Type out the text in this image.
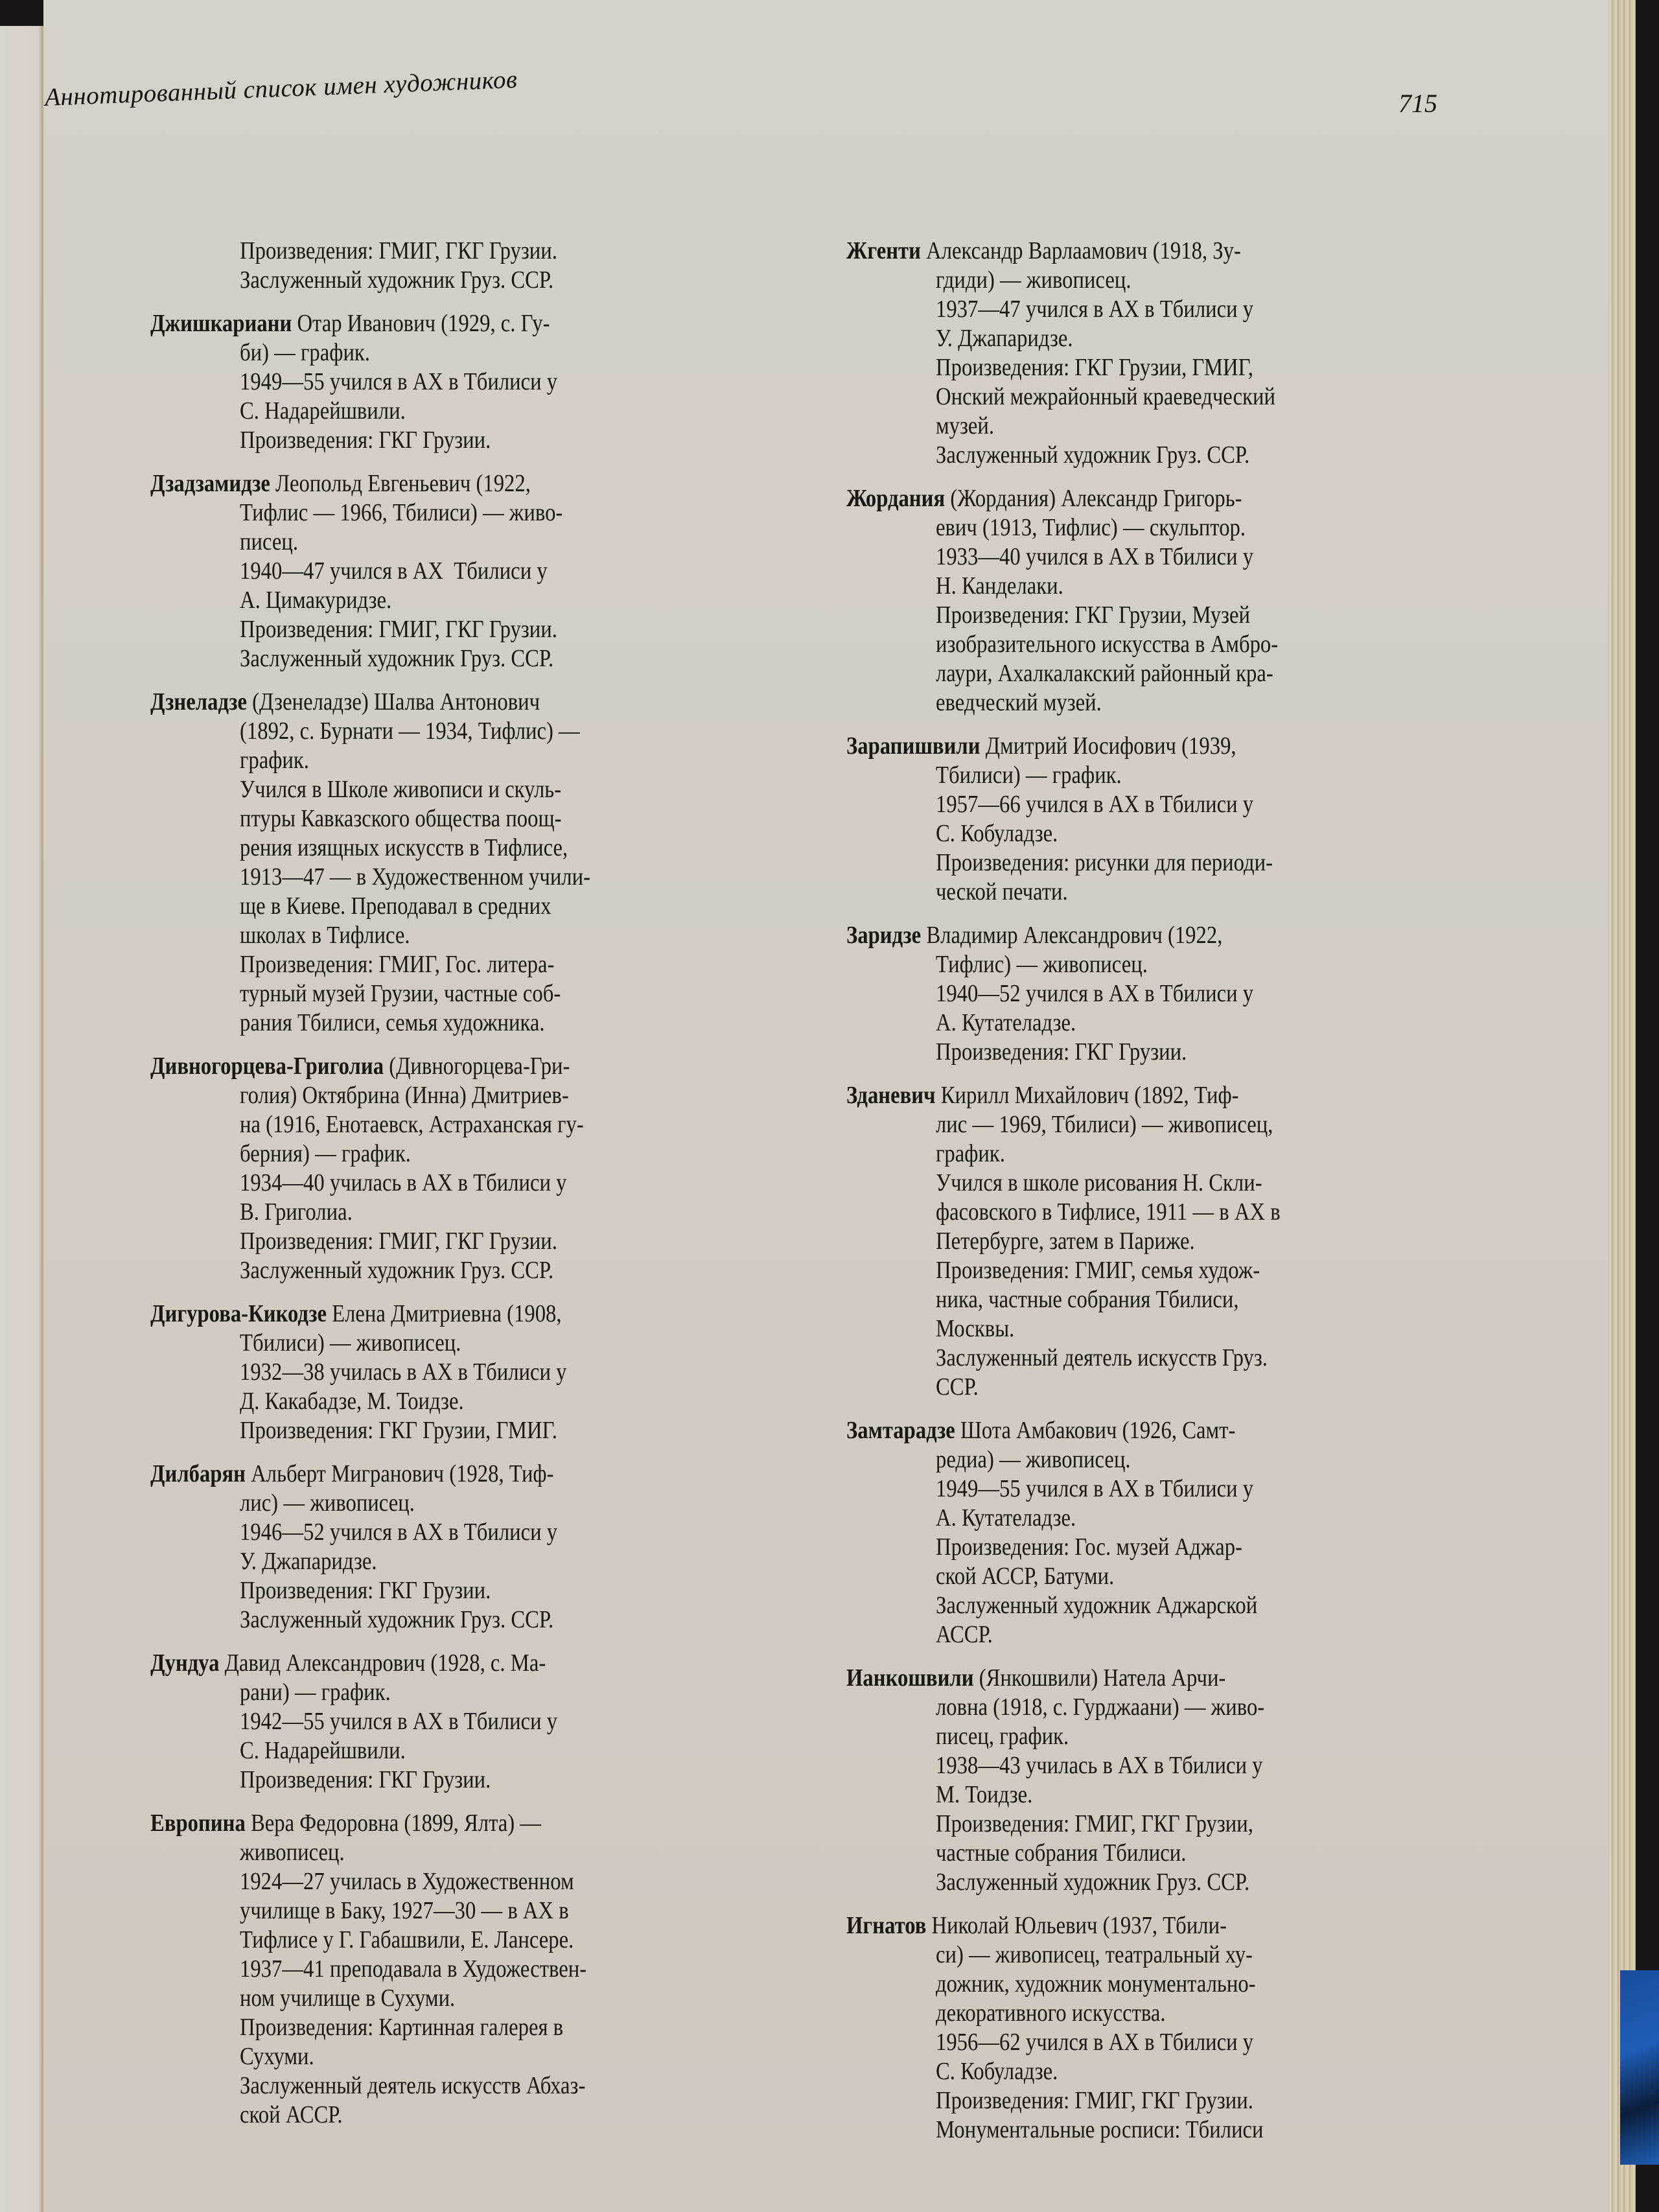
Аннотированный список имен художников	715
Произведения: ГМИГ, ГКГ Грузии.
Заслуженный художник Груз. ССР.
Джишкариани Отар Иванович (1929, с. Гу-
би) — график.
1949—55 учился в АХ в Тбилиси у
С. Надарейшвили.
Произведения: ГКГ Грузии.
Дзадзамидзе Леопольд Евгеньевич (1922,
Тифлис — 1966, Тбилиси) — живо-
писец.
1940—47 учился в АХ  Тбилиси у
А. Цимакуридзе.
Произведения: ГМИГ, ГКГ Грузии.
Заслуженный художник Груз. ССР.
Дзнеладзе (Дзенеладзе) Шалва Антонович
(1892, с. Бурнати — 1934, Тифлис) —
график.
Учился в Школе живописи и скуль-
птуры Кавказского общества поощ-
рения изящных искусств в Тифлисе,
1913—47 — в Художественном учили-
ще в Киеве. Преподавал в средних
школах в Тифлисе.
Произведения: ГМИГ, Гос. литера-
турный музей Грузии, частные соб-
рания Тбилиси, семья художника.
Дивногорцева-Григолиа (Дивногорцева-Гри-
голия) Октябрина (Инна) Дмитриев-
на (1916, Енотаевск, Астраханская гу-
берния) — график.
1934—40 училась в АХ в Тбилиси у
В. Григолиа.
Произведения: ГМИГ, ГКГ Грузии.
Заслуженный художник Груз. ССР.
Дигурова-Кикодзе Елена Дмитриевна (1908,
Тбилиси) — живописец.
1932—38 училась в АХ в Тбилиси у
Д. Какабадзе, М. Тоидзе.
Произведения: ГКГ Грузии, ГМИГ.
Дилбарян Альберт Мигранович (1928, Тиф-
лис) — живописец.
1946—52 учился в АХ в Тбилиси у
У. Джапаридзе.
Произведения: ГКГ Грузии.
Заслуженный художник Груз. ССР.
Дундуа Давид Александрович (1928, с. Ма-
рани) — график.
1942—55 учился в АХ в Тбилиси у
С. Надарейшвили.
Произведения: ГКГ Грузии.
Европина Вера Федоровна (1899, Ялта) —
живописец.
1924—27 училась в Художественном
училище в Баку, 1927—30 — в АХ в
Тифлисе у Г. Габашвили, Е. Лансере.
1937—41 преподавала в Художествен-
ном училище в Сухуми.
Произведения: Картинная галерея в
Сухуми.
Заслуженный деятель искусств Абхаз-
ской АССР.
Жгенти Александр Варлаамович (1918, Зу-
гдиди) — живописец.
1937—47 учился в АХ в Тбилиси у
У. Джапаридзе.
Произведения: ГКГ Грузии, ГМИГ,
Онский межрайонный краеведческий
музей.
Заслуженный художник Груз. ССР.
Жордания (Жордания) Александр Григорь-
евич (1913, Тифлис) — скульптор.
1933—40 учился в АХ в Тбилиси у
Н. Канделаки.
Произведения: ГКГ Грузии, Музей
изобразительного искусства в Амбро-
лаури, Ахалкалакский районный кра-
еведческий музей.
Зарапишвили Дмитрий Иосифович (1939,
Тбилиси) — график.
1957—66 учился в АХ в Тбилиси у
С. Кобуладзе.
Произведения: рисунки для периоди-
ческой печати.
Заридзе Владимир Александрович (1922,
Тифлис) — живописец.
1940—52 учился в АХ в Тбилиси у
А. Кутателадзе.
Произведения: ГКГ Грузии.
Зданевич Кирилл Михайлович (1892, Тиф-
лис — 1969, Тбилиси) — живописец,
график.
Учился в школе рисования Н. Скли-
фасовского в Тифлисе, 1911 — в АХ в
Петербурге, затем в Париже.
Произведения: ГМИГ, семья худож-
ника, частные собрания Тбилиси,
Москвы.
Заслуженный деятель искусств Груз.
ССР.
Замтарадзе Шота Амбакович (1926, Самт-
редиа) — живописец.
1949—55 учился в АХ в Тбилиси у
А. Кутателадзе.
Произведения: Гос. музей Аджар-
ской АССР, Батуми.
Заслуженный художник Аджарской
АССР.
Ианкошвили (Янкошвили) Натела Арчи-
ловна (1918, с. Гурджаани) — живо-
писец, график.
1938—43 училась в АХ в Тбилиси у
М. Тоидзе.
Произведения: ГМИГ, ГКГ Грузии,
частные собрания Тбилиси.
Заслуженный художник Груз. ССР.
Игнатов Николай Юльевич (1937, Тбили-
си) — живописец, театральный ху-
дожник, художник монументально-
декоративного искусства.
1956—62 учился в АХ в Тбилиси у
С. Кобуладзе.
Произведения: ГМИГ, ГКГ Грузии.
Монументальные росписи: Тбилиси
